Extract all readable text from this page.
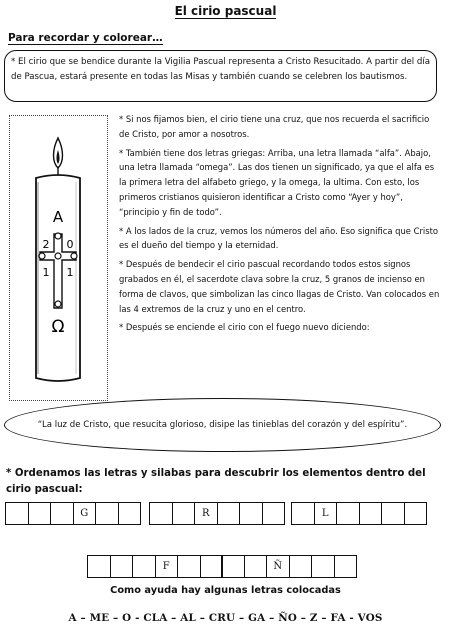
El cirio pascual
Para recordar y colorear…
* El cirio que se bendice durante la Vigilia Pascual representa a Cristo Resucitado. A partir del día de Pascua, estará presente en todas las Misas y también cuando se celebren los bautismos.
A
Ω
2 0
1 1

* Si nos fijamos bien, el cirio tiene una cruz, que nos recuerda el sacrificio de Cristo, por amor a nosotros.

* También tiene dos letras griegas: Arriba, una letra llamada “alfa”. Abajo, una letra llamada “omega”. Las dos tienen un significado, ya que el alfa es la primera letra del alfabeto griego, y la omega, la ultima. Con esto, los primeros cristianos quisieron identificar a Cristo como “Ayer y hoy”, “principio y fin de todo”.

* A los lados de la cruz, vemos los números del año. Eso significa que Cristo es el dueño del tiempo y la eternidad.

* Después de bendecir el cirio pascual recordando todos estos signos grabados en él, el sacerdote clava sobre la cruz, 5 granos de incienso en forma de clavos, que simbolizan las cinco llagas de Cristo. Van colocados en las 4 extremos de la cruz y uno en el centro.

* Después se enciende el cirio con el fuego nuevo diciendo:

“La luz de Cristo, que resucita glorioso, disipe las tinieblas del corazón y del espíritu”.
* Ordenamos las letras y silabas para descubrir los elementos dentro del cirio pascual:
G	R	L
F	Ñ
Como ayuda hay algunas letras colocadas
A – ME – O - CLA – AL – CRU – GA – ÑO – Z – FA - VOS
